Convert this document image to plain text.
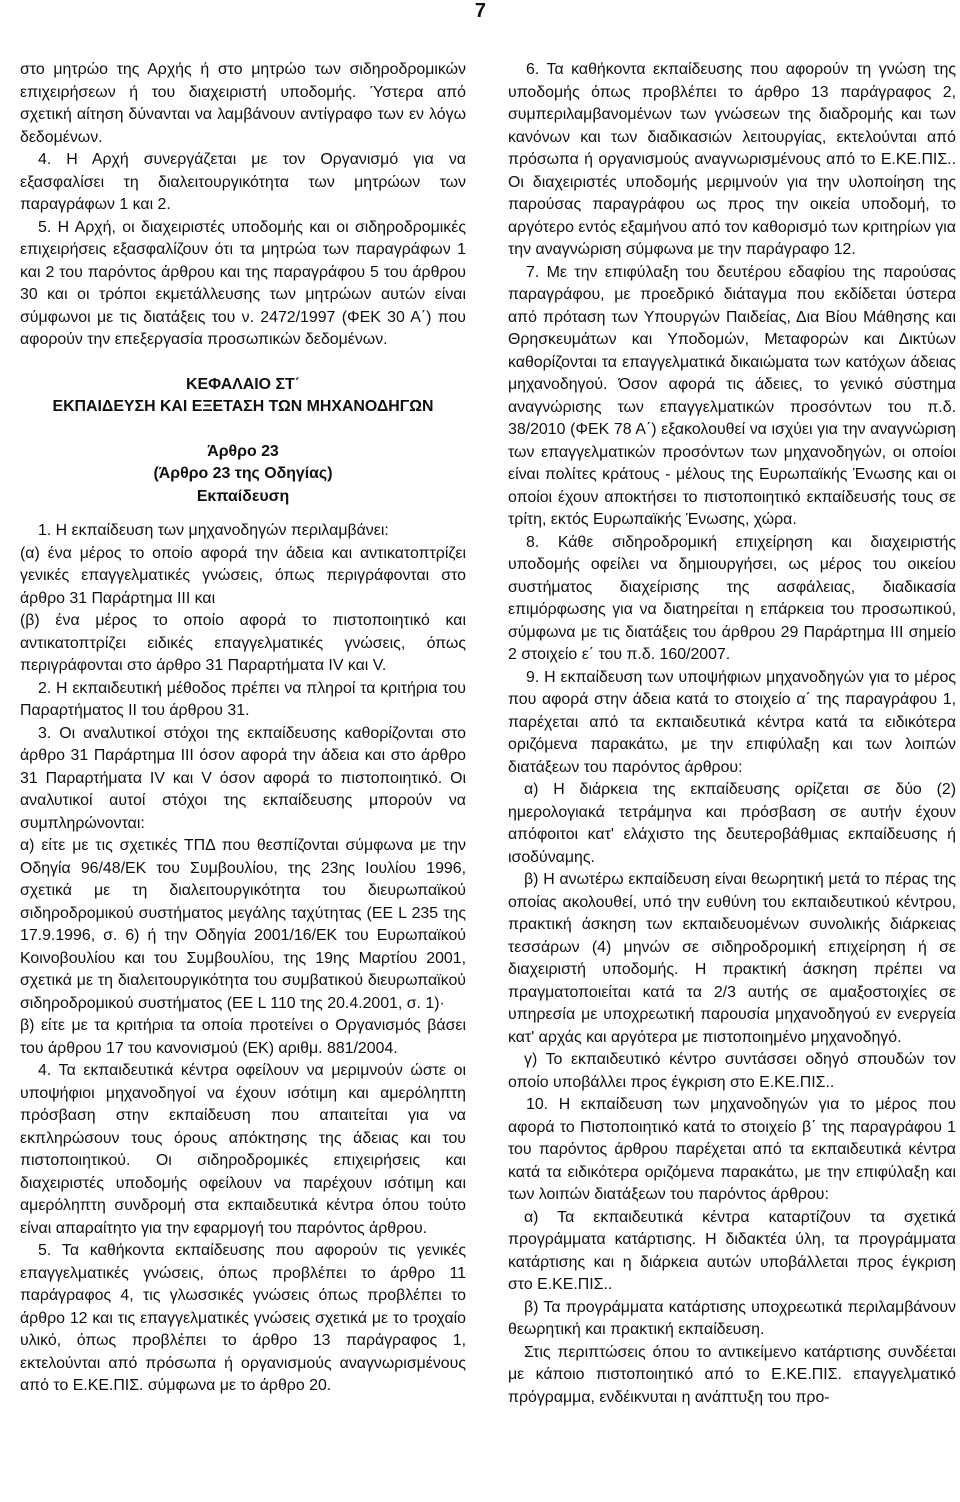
7

στο μητρώο της Αρχής ή στο μητρώο των σιδηροδρομικών επιχειρήσεων ή του διαχειριστή υποδομής. Ύστερα από σχετική αίτηση δύνανται να λαμβάνουν αντίγραφο των εν λόγω δεδομένων.

4. Η Αρχή συνεργάζεται με τον Οργανισμό για να εξασφαλίσει τη διαλειτουργικότητα των μητρώων των παραγράφων 1 και 2.

5. Η Αρχή, οι διαχειριστές υποδομής και οι σιδηροδρομικές επιχειρήσεις εξασφαλίζουν ότι τα μητρώα των παραγράφων 1 και 2 του παρόντος άρθρου και της παραγράφου 5 του άρθρου 30 και οι τρόποι εκμετάλλευσης των μητρώων αυτών είναι σύμφωνοι με τις διατάξεις του ν. 2472/1997 (ΦΕΚ 30 Α΄) που αφορούν την επεξεργασία προσωπικών δεδομένων.

ΚΕΦΑΛΑΙΟ ΣΤ΄

ΕΚΠΑΙΔΕΥΣΗ ΚΑΙ ΕΞΕΤΑΣΗ ΤΩΝ ΜΗΧΑΝΟΔΗΓΩΝ

Άρθρο 23

(Άρθρο 23 της Οδηγίας)

Εκπαίδευση

1. Η εκπαίδευση των μηχανοδηγών περιλαμβάνει:

(α) ένα μέρος το οποίο αφορά την άδεια και αντικατοπτρίζει γενικές επαγγελματικές γνώσεις, όπως περιγράφονται στο άρθρο 31 Παράρτημα III και

(β) ένα μέρος το οποίο αφορά το πιστοποιητικό και αντικατοπτρίζει ειδικές επαγγελματικές γνώσεις, όπως περιγράφονται στο άρθρο 31 Παραρτήματα IV και V.

2. Η εκπαιδευτική μέθοδος πρέπει να πληροί τα κριτήρια του Παραρτήματος ΙΙ του άρθρου 31.

3. Οι αναλυτικοί στόχοι της εκπαίδευσης καθορίζονται στο άρθρο 31 Παράρτημα ΙΙΙ όσον αφορά την άδεια και στο άρθρο 31 Παραρτήματα IV και V όσον αφορά το πιστοποιητικό. Οι αναλυτικοί αυτοί στόχοι της εκπαίδευσης μπορούν να συμπληρώνονται:

α) είτε με τις σχετικές ΤΠΔ που θεσπίζονται σύμφωνα με την Οδηγία 96/48/ΕΚ του Συμβουλίου, της 23ης Ιουλίου 1996, σχετικά με τη διαλειτουργικότητα του διευρωπαϊκού σιδηροδρομικού συστήματος μεγάλης ταχύτητας (ΕΕ L 235 της 17.9.1996, σ. 6) ή την Οδηγία 2001/16/ΕΚ του Ευρωπαϊκού Κοινοβουλίου και του Συμβουλίου, της 19ης Μαρτίου 2001, σχετικά με τη διαλειτουργικότητα του συμβατικού διευρωπαϊκού σιδηροδρομικού συστήματος (ΕΕ L 110 της 20.4.2001, σ. 1)·

β) είτε με τα κριτήρια τα οποία προτείνει ο Οργανισμός βάσει του άρθρου 17 του κανονισμού (ΕΚ) αριθμ. 881/2004.

4. Τα εκπαιδευτικά κέντρα οφείλουν να μεριμνούν ώστε οι υποψήφιοι μηχανοδηγοί να έχουν ισότιμη και αμερόληπτη πρόσβαση στην εκπαίδευση που απαιτείται για να εκπληρώσουν τους όρους απόκτησης της άδειας και του πιστοποιητικού. Οι σιδηροδρομικές επιχειρήσεις και διαχειριστές υποδομής οφείλουν να παρέχουν ισότιμη και αμερόληπτη συνδρομή στα εκπαιδευτικά κέντρα όπου τούτο είναι απαραίτητο για την εφαρμογή του παρόντος άρθρου.

5. Τα καθήκοντα εκπαίδευσης που αφορούν τις γενικές επαγγελματικές γνώσεις, όπως προβλέπει το άρθρο 11 παράγραφος 4, τις γλωσσικές γνώσεις όπως προβλέπει το άρθρο 12 και τις επαγγελματικές γνώσεις σχετικά με το τροχαίο υλικό, όπως προβλέπει το άρθρο 13 παράγραφος 1, εκτελούνται από πρόσωπα ή οργανισμούς αναγνωρισμένους από το Ε.ΚΕ.ΠΙΣ. σύμφωνα με το άρθρο 20.

6. Τα καθήκοντα εκπαίδευσης που αφορούν τη γνώση της υποδομής όπως προβλέπει το άρθρο 13 παράγραφος 2, συμπεριλαμβανομένων των γνώσεων της διαδρομής και των κανόνων και των διαδικασιών λειτουργίας, εκτελούνται από πρόσωπα ή οργανισμούς αναγνωρισμένους από το Ε.ΚΕ.ΠΙΣ.. Οι διαχειριστές υποδομής μεριμνούν για την υλοποίηση της παρούσας παραγράφου ως προς την οικεία υποδομή, το αργότερο εντός εξαμήνου από τον καθορισμό των κριτηρίων για την αναγνώριση σύμφωνα με την παράγραφο 12.

7. Με την επιφύλαξη του δευτέρου εδαφίου της παρούσας παραγράφου, με προεδρικό διάταγμα που εκδίδεται ύστερα από πρόταση των Υπουργών Παιδείας, Δια Βίου Μάθησης και Θρησκευμάτων και Υποδομών, Μεταφορών και Δικτύων καθορίζονται τα επαγγελματικά δικαιώματα των κατόχων άδειας μηχανοδηγού. Όσον αφορά τις άδειες, το γενικό σύστημα αναγνώρισης των επαγγελματικών προσόντων του π.δ. 38/2010 (ΦΕΚ 78 Α΄) εξακολουθεί να ισχύει για την αναγνώριση των επαγγελματικών προσόντων των μηχανοδηγών, οι οποίοι είναι πολίτες κράτους - μέλους της Ευρωπαϊκής Ένωσης και οι οποίοι έχουν αποκτήσει το πιστοποιητικό εκπαίδευσής τους σε τρίτη, εκτός Ευρωπαϊκής Ένωσης, χώρα.

8. Κάθε σιδηροδρομική επιχείρηση και διαχειριστής υποδομής οφείλει να δημιουργήσει, ως μέρος του οικείου συστήματος διαχείρισης της ασφάλειας, διαδικασία επιμόρφωσης για να διατηρείται η επάρκεια του προσωπικού, σύμφωνα με τις διατάξεις του άρθρου 29 Παράρτημα ΙΙΙ σημείο 2 στοιχείο ε΄ του π.δ. 160/2007.

9. Η εκπαίδευση των υποψήφιων μηχανοδηγών για το μέρος που αφορά στην άδεια κατά το στοιχείο α΄ της παραγράφου 1, παρέχεται από τα εκπαιδευτικά κέντρα κατά τα ειδικότερα οριζόμενα παρακάτω, με την επιφύλαξη και των λοιπών διατάξεων του παρόντος άρθρου:

α) Η διάρκεια της εκπαίδευσης ορίζεται σε δύο (2) ημερολογιακά τετράμηνα και πρόσβαση σε αυτήν έχουν απόφοιτοι κατ' ελάχιστο της δευτεροβάθμιας εκπαίδευσης ή ισοδύναμης.

β) Η ανωτέρω εκπαίδευση είναι θεωρητική μετά το πέρας της οποίας ακολουθεί, υπό την ευθύνη του εκπαιδευτικού κέντρου, πρακτική άσκηση των εκπαιδευομένων συνολικής διάρκειας τεσσάρων (4) μηνών σε σιδηροδρομική επιχείρηση ή σε διαχειριστή υποδομής. Η πρακτική άσκηση πρέπει να πραγματοποιείται κατά τα 2/3 αυτής σε αμαξοστοιχίες σε υπηρεσία με υποχρεωτική παρουσία μηχανοδηγού εν ενεργεία κατ' αρχάς και αργότερα με πιστοποιημένο μηχανοδηγό.

γ) Το εκπαιδευτικό κέντρο συντάσσει οδηγό σπουδών τον οποίο υποβάλλει προς έγκριση στο Ε.ΚΕ.ΠΙΣ..

10. Η εκπαίδευση των μηχανοδηγών για το μέρος που αφορά το Πιστοποιητικό κατά το στοιχείο β΄ της παραγράφου 1 του παρόντος άρθρου παρέχεται από τα εκπαιδευτικά κέντρα κατά τα ειδικότερα οριζόμενα παρακάτω, με την επιφύλαξη και των λοιπών διατάξεων του παρόντος άρθρου:

α) Τα εκπαιδευτικά κέντρα καταρτίζουν τα σχετικά προγράμματα κατάρτισης. Η διδακτέα ύλη, τα προγράμματα κατάρτισης και η διάρκεια αυτών υποβάλλεται προς έγκριση στο Ε.ΚΕ.ΠΙΣ..

β) Τα προγράμματα κατάρτισης υποχρεωτικά περιλαμβάνουν θεωρητική και πρακτική εκπαίδευση.

Στις περιπτώσεις όπου το αντικείμενο κατάρτισης συνδέεται με κάποιο πιστοποιητικό από το Ε.ΚΕ.ΠΙΣ. επαγγελματικό πρόγραμμα, ενδέικνυται η ανάπτυξη του προ-
